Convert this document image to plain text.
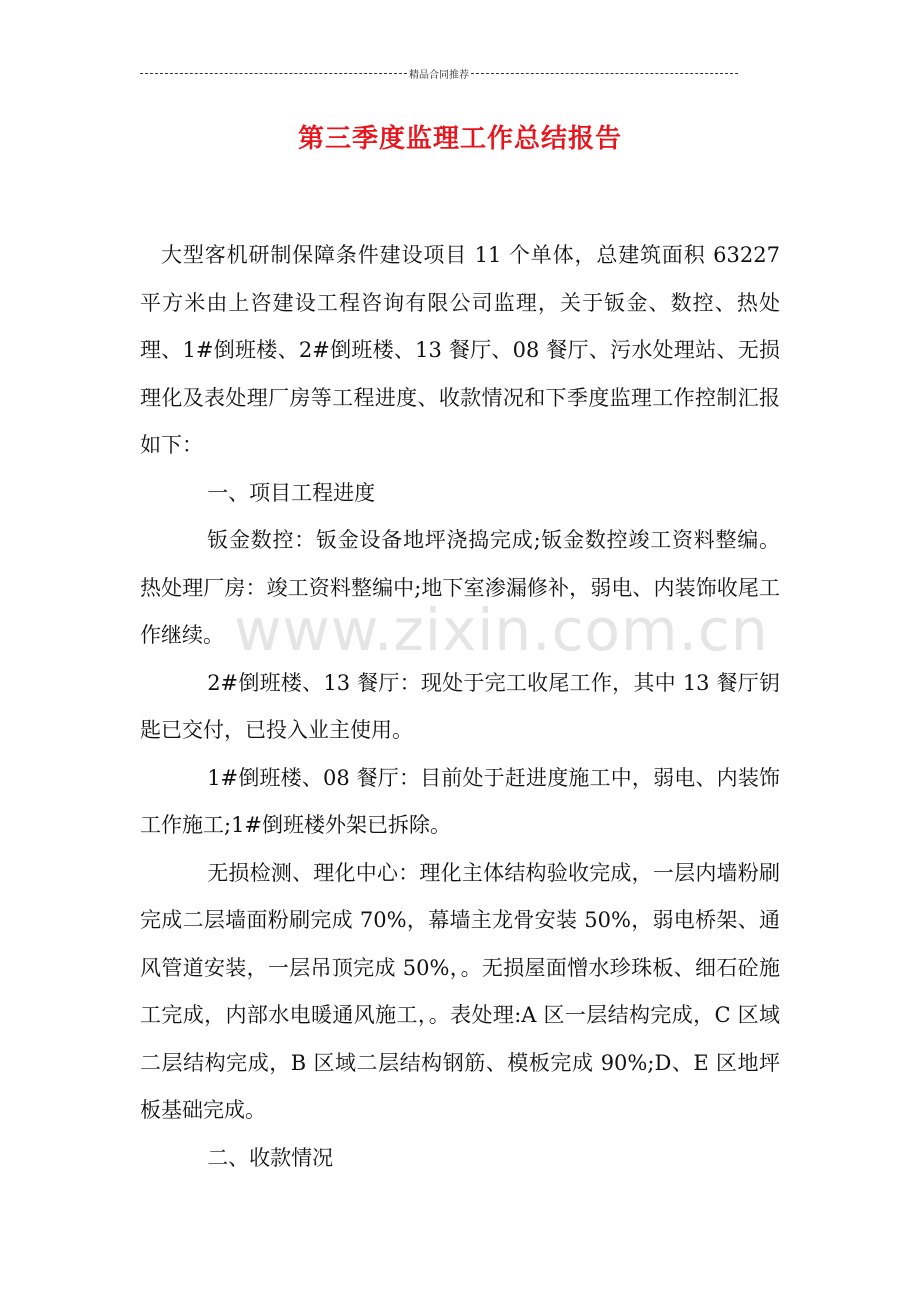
精品合同推荐
第三季度监理工作总结报告

大型客机研制保障条件建设项目 11 个单体，总建筑面积 63227 平方米由上咨建设工程咨询有限公司监理，关于钣金、数控、热处理、1#倒班楼、2#倒班楼、13 餐厅、08 餐厅、污水处理站、无损理化及表处理厂房等工程进度、收款情况和下季度监理工作控制汇报如下：

一、项目工程进度

钣金数控：钣金设备地坪浇捣完成;钣金数控竣工资料整编。 热处理厂房：竣工资料整编中;地下室渗漏修补，弱电、内装饰收尾工作继续。

2#倒班楼、13 餐厅：现处于完工收尾工作，其中 13 餐厅钥匙已交付，已投入业主使用。

1#倒班楼、08 餐厅：目前处于赶进度施工中，弱电、内装饰工作施工;1#倒班楼外架已拆除。

无损检测、理化中心：理化主体结构验收完成，一层内墙粉刷完成二层墙面粉刷完成 70%，幕墙主龙骨安装 50%，弱电桥架、通风管道安装，一层吊顶完成 50%，。无损屋面憎水珍珠板、细石砼施工完成，内部水电暖通风施工，。表处理:A 区一层结构完成，C 区域二层结构完成，B 区域二层结构钢筋、模板完成 90%;D、E 区地坪板基础完成。

二、收款情况

www.zixin.com.cn
